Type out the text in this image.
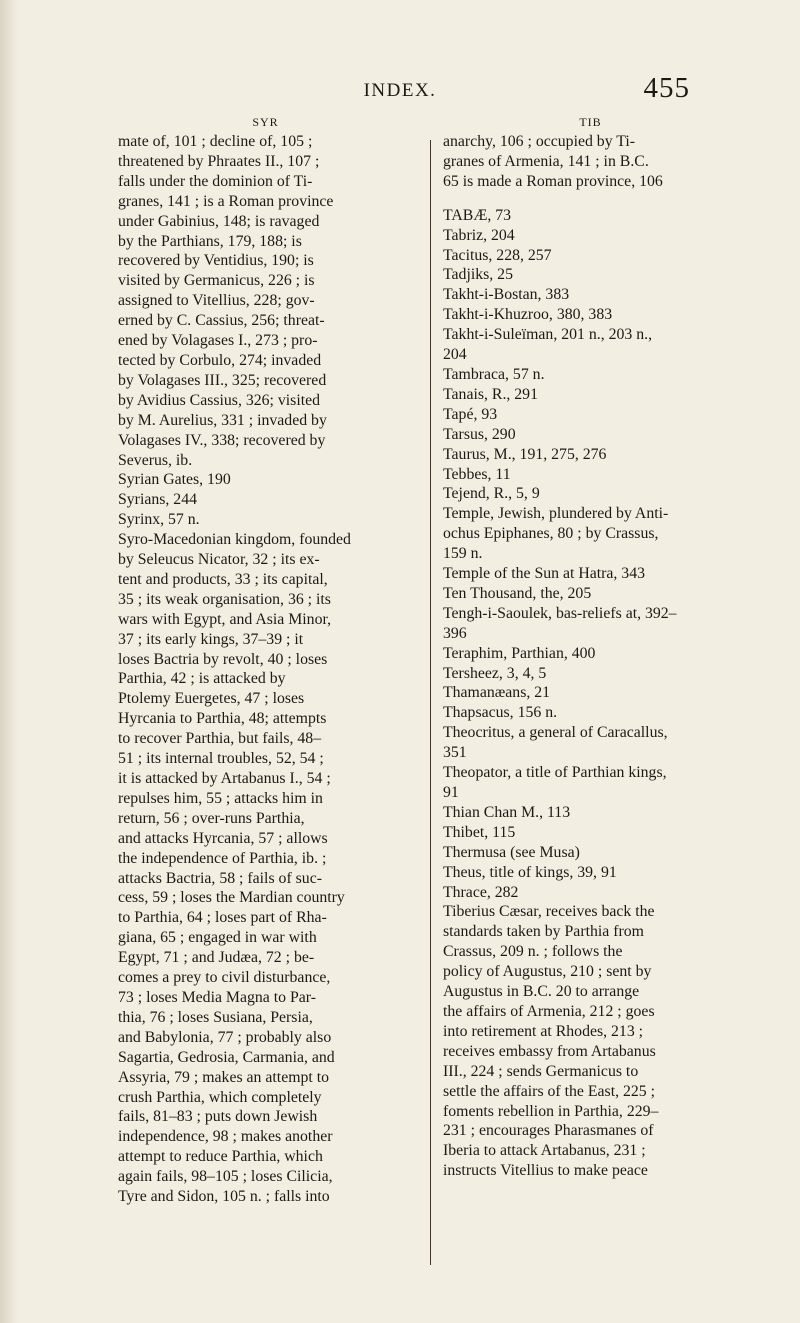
INDEX.	455
SYR
mate of, 101 ; decline of, 105 ;
threatened by Phraates II., 107 ;
falls under the dominion of Ti-
granes, 141 ; is a Roman province
under Gabinius, 148; is ravaged
by the Parthians, 179, 188; is
recovered by Ventidius, 190; is
visited by Germanicus, 226 ; is
assigned to Vitellius, 228; gov-
erned by C. Cassius, 256; threat-
ened by Volagases I., 273 ; pro-
tected by Corbulo, 274; invaded
by Volagases III., 325; recovered
by Avidius Cassius, 326; visited
by M. Aurelius, 331 ; invaded by
Volagases IV., 338; recovered by
Severus, ib.
Syrian Gates, 190
Syrians, 244
Syrinx, 57 n.
Syro-Macedonian kingdom, founded
by Seleucus Nicator, 32 ; its ex-
tent and products, 33 ; its capital,
35 ; its weak organisation, 36 ; its
wars with Egypt, and Asia Minor,
37 ; its early kings, 37–39 ; it
loses Bactria by revolt, 40 ; loses
Parthia, 42 ; is attacked by
Ptolemy Euergetes, 47 ; loses
Hyrcania to Parthia, 48; attempts
to recover Parthia, but fails, 48–
51 ; its internal troubles, 52, 54 ;
it is attacked by Artabanus I., 54 ;
repulses him, 55 ; attacks him in
return, 56 ; over-runs Parthia,
and attacks Hyrcania, 57 ; allows
the independence of Parthia, ib. ;
attacks Bactria, 58 ; fails of suc-
cess, 59 ; loses the Mardian country
to Parthia, 64 ; loses part of Rha-
giana, 65 ; engaged in war with
Egypt, 71 ; and Judæa, 72 ; be-
comes a prey to civil disturbance,
73 ; loses Media Magna to Par-
thia, 76 ; loses Susiana, Persia,
and Babylonia, 77 ; probably also
Sagartia, Gedrosia, Carmania, and
Assyria, 79 ; makes an attempt to
crush Parthia, which completely
fails, 81–83 ; puts down Jewish
independence, 98 ; makes another
attempt to reduce Parthia, which
again fails, 98–105 ; loses Cilicia,
Tyre and Sidon, 105 n. ; falls into
TIB
anarchy, 106 ; occupied by Ti-
granes of Armenia, 141 ; in B.C.
65 is made a Roman province, 106
TABÆ, 73
Tabriz, 204
Tacitus, 228, 257
Tadjiks, 25
Takht-i-Bostan, 383
Takht-i-Khuzroo, 380, 383
Takht-i-Suleïman, 201 n., 203 n.,
204
Tambraca, 57 n.
Tanais, R., 291
Tapé, 93
Tarsus, 290
Taurus, M., 191, 275, 276
Tebbes, 11
Tejend, R., 5, 9
Temple, Jewish, plundered by Anti-
ochus Epiphanes, 80 ; by Crassus,
159 n.
Temple of the Sun at Hatra, 343
Ten Thousand, the, 205
Tengh-i-Saoulek, bas-reliefs at, 392–
396
Teraphim, Parthian, 400
Tersheez, 3, 4, 5
Thamanæans, 21
Thapsacus, 156 n.
Theocritus, a general of Caracallus,
351
Theopator, a title of Parthian kings,
91
Thian Chan M., 113
Thibet, 115
Thermusa (see Musa)
Theus, title of kings, 39, 91
Thrace, 282
Tiberius Cæsar, receives back the
standards taken by Parthia from
Crassus, 209 n. ; follows the
policy of Augustus, 210 ; sent by
Augustus in B.C. 20 to arrange
the affairs of Armenia, 212 ; goes
into retirement at Rhodes, 213 ;
receives embassy from Artabanus
III., 224 ; sends Germanicus to
settle the affairs of the East, 225 ;
foments rebellion in Parthia, 229–
231 ; encourages Pharasmanes of
Iberia to attack Artabanus, 231 ;
instructs Vitellius to make peace
